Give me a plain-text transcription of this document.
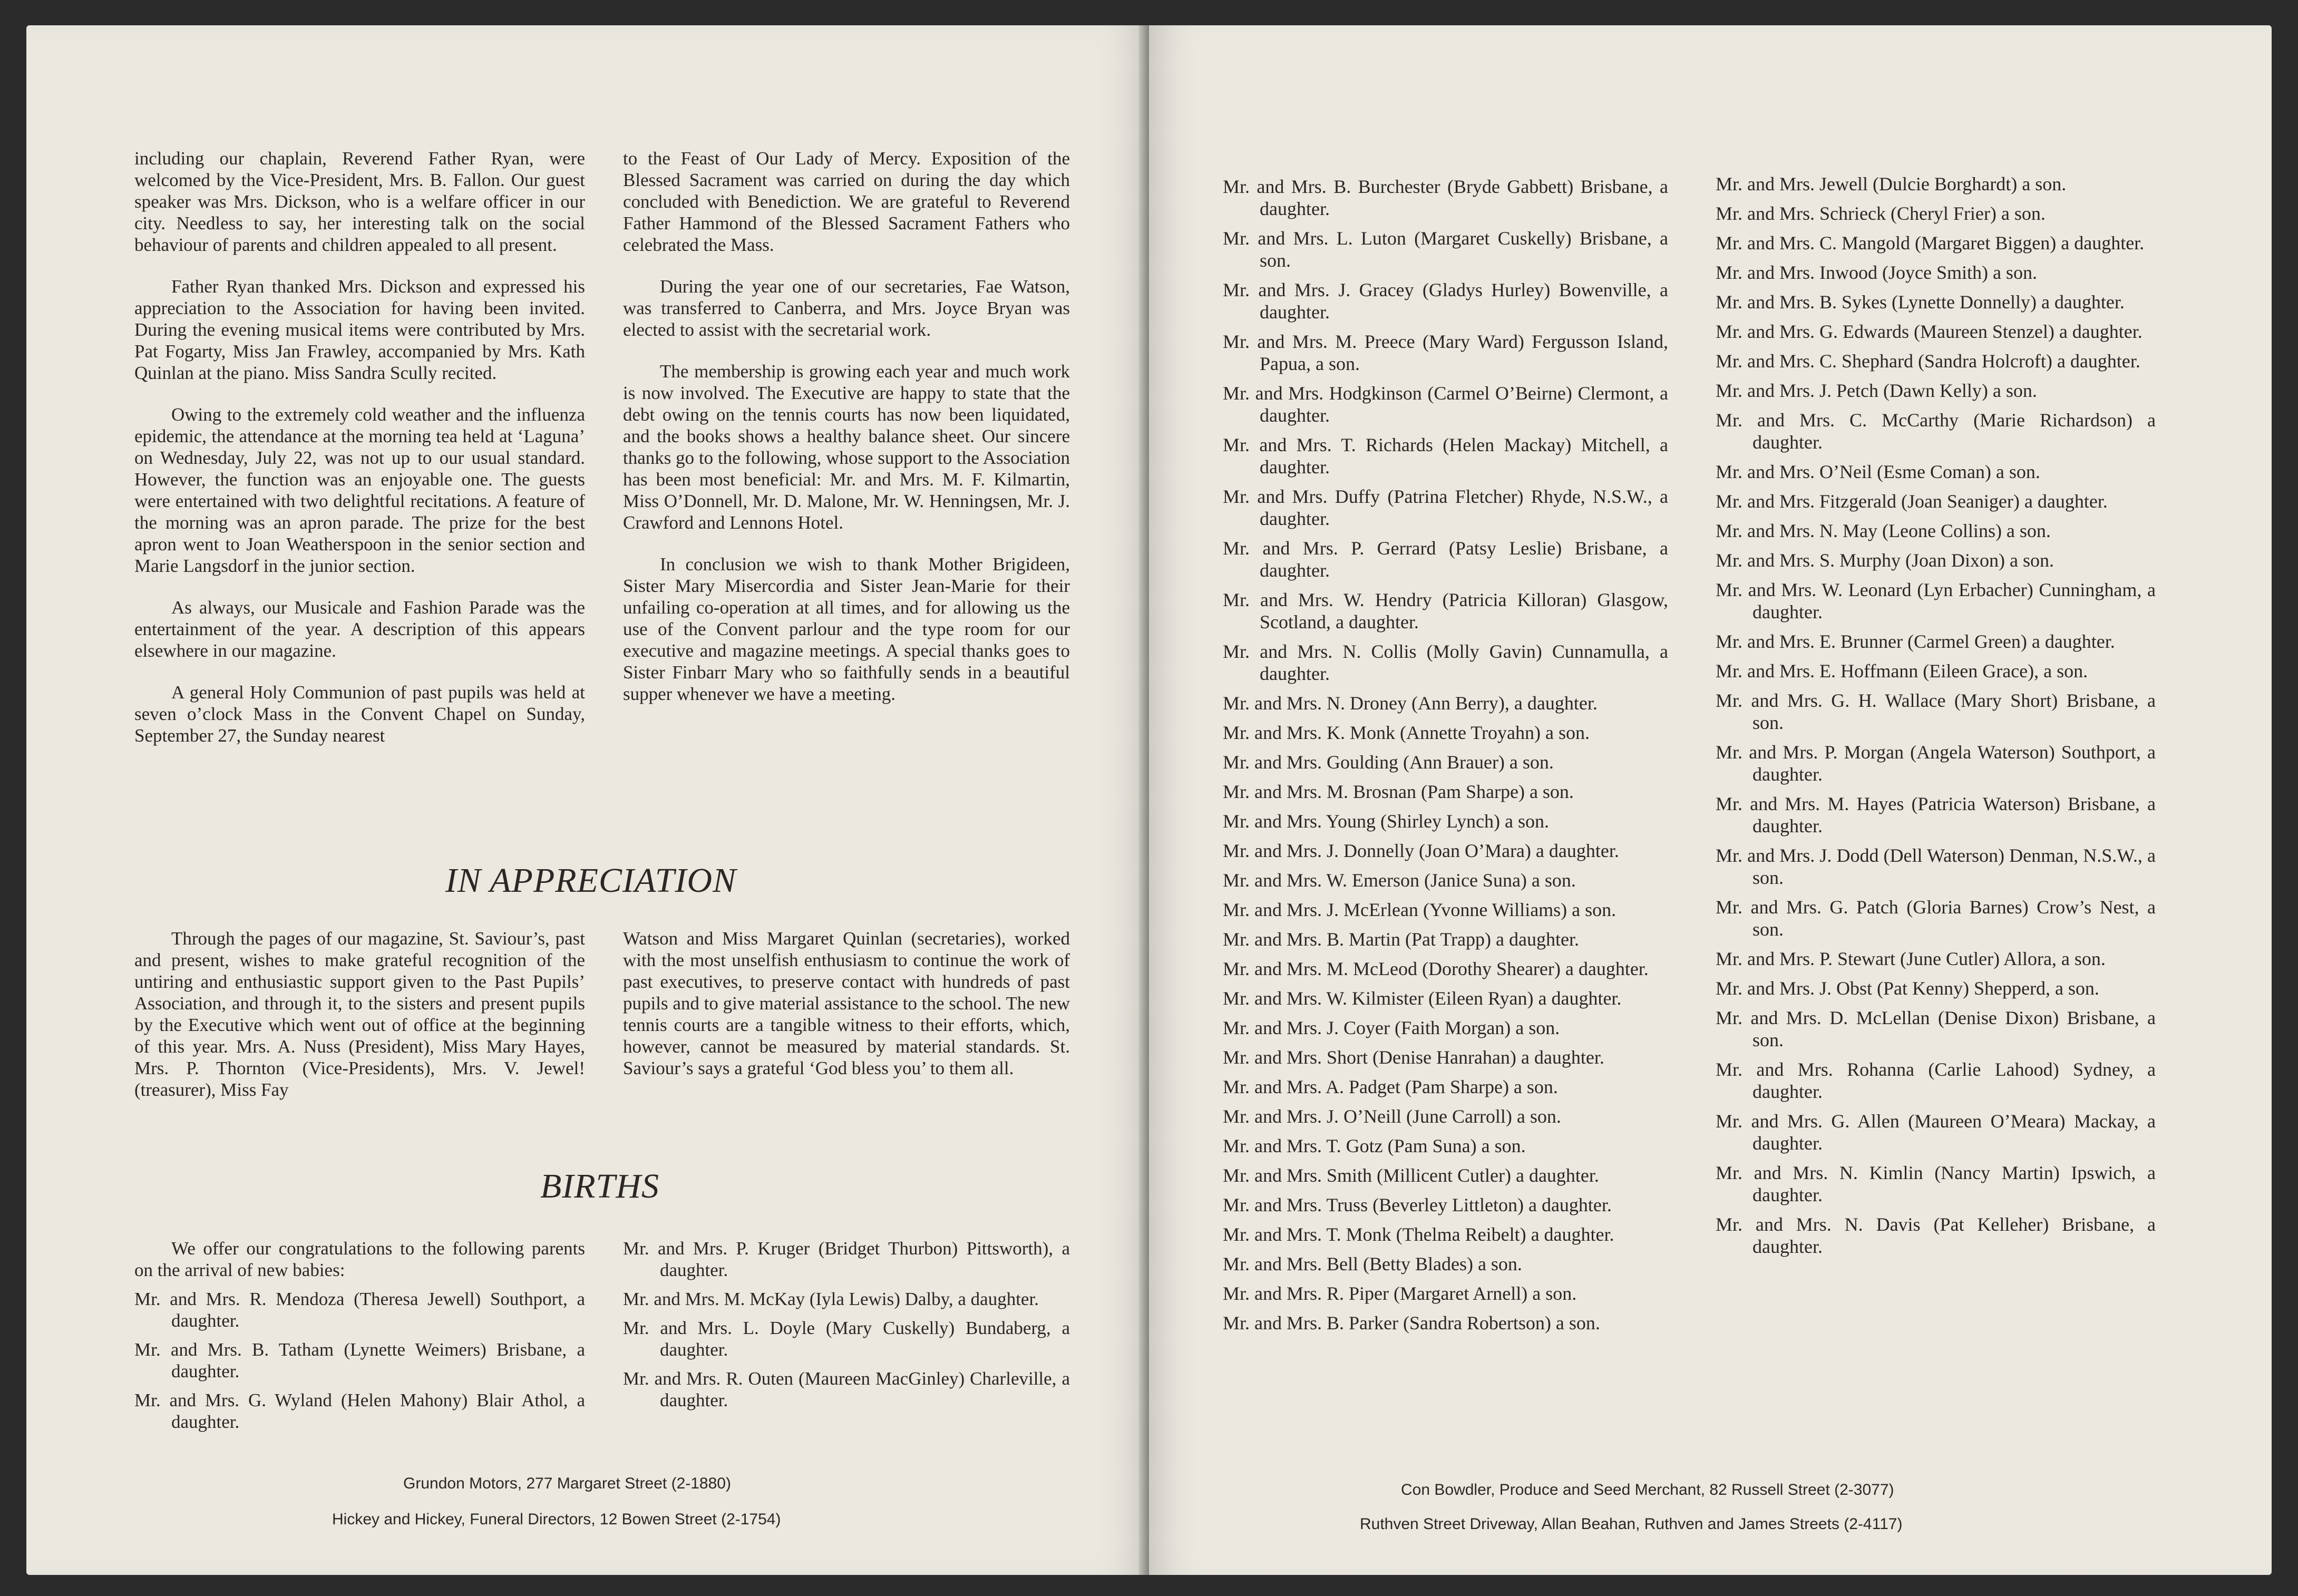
including our chaplain, Reverend Father Ryan, were welcomed by the Vice-President, Mrs. B. Fallon. Our guest speaker was Mrs. Dickson, who is a welfare officer in our city. Needless to say, her interesting talk on the social behaviour of parents and children appealed to all present.

Father Ryan thanked Mrs. Dickson and expressed his appreciation to the Association for having been invited. During the evening musical items were contributed by Mrs. Pat Fogarty, Miss Jan Frawley, accompanied by Mrs. Kath Quinlan at the piano. Miss Sandra Scully recited.

Owing to the extremely cold weather and the influenza epidemic, the attendance at the morning tea held at ‘Laguna’ on Wednesday, July 22, was not up to our usual standard. However, the function was an enjoyable one. The guests were entertained with two delightful recitations. A feature of the morning was an apron parade. The prize for the best apron went to Joan Weatherspoon in the senior section and Marie Langsdorf in the junior section.

As always, our Musicale and Fashion Parade was the entertainment of the year. A description of this appears elsewhere in our magazine.

A general Holy Communion of past pupils was held at seven o’clock Mass in the Convent Chapel on Sunday, September 27, the Sunday nearest

to the Feast of Our Lady of Mercy. Exposition of the Blessed Sacrament was carried on during the day which concluded with Benediction. We are grateful to Reverend Father Hammond of the Blessed Sacrament Fathers who celebrated the Mass.

During the year one of our secretaries, Fae Watson, was transferred to Canberra, and Mrs. Joyce Bryan was elected to assist with the secretarial work.

The membership is growing each year and much work is now involved. The Executive are happy to state that the debt owing on the tennis courts has now been liquidated, and the books shows a healthy balance sheet. Our sincere thanks go to the following, whose support to the Association has been most beneficial: Mr. and Mrs. M. F. Kilmartin, Miss O’Donnell, Mr. D. Malone, Mr. W. Henningsen, Mr. J. Crawford and Lennons Hotel.

In conclusion we wish to thank Mother Brigideen, Sister Mary Misercordia and Sister Jean-Marie for their unfailing co-operation at all times, and for allowing us the use of the Convent parlour and the type room for our executive and magazine meetings. A special thanks goes to Sister Finbarr Mary who so faithfully sends in a beautiful supper whenever we have a meeting.

IN APPRECIATION

Through the pages of our magazine, St. Saviour’s, past and present, wishes to make grateful recognition of the untiring and enthusiastic support given to the Past Pupils’ Association, and through it, to the sisters and present pupils by the Executive which went out of office at the beginning of this year. Mrs. A. Nuss (President), Miss Mary Hayes, Mrs. P. Thornton (Vice-Presidents), Mrs. V. Jewel! (treasurer), Miss Fay

Watson and Miss Margaret Quinlan (secretaries), worked with the most unselfish enthusiasm to continue the work of past executives, to preserve contact with hundreds of past pupils and to give material assistance to the school. The new tennis courts are a tangible witness to their efforts, which, however, cannot be measured by material standards. St. Saviour’s says a grateful ‘God bless you’ to them all.

BIRTHS

We offer our congratulations to the following parents on the arrival of new babies:

Mr. and Mrs. R. Mendoza (Theresa Jewell) Southport, a daughter.
Mr. and Mrs. B. Tatham (Lynette Weimers) Brisbane, a daughter.
Mr. and Mrs. G. Wyland (Helen Mahony) Blair Athol, a daughter.
Mr. and Mrs. P. Kruger (Bridget Thurbon) Pittsworth), a daughter.
Mr. and Mrs. M. McKay (Iyla Lewis) Dalby, a daughter.
Mr. and Mrs. L. Doyle (Mary Cuskelly) Bundaberg, a daughter.
Mr. and Mrs. R. Outen (Maureen MacGinley) Charleville, a daughter.
Grundon Motors, 277 Margaret Street (2-1880)
Hickey and Hickey, Funeral Directors, 12 Bowen Street (2-1754)
Mr. and Mrs. B. Burchester (Bryde Gabbett) Brisbane, a daughter.
Mr. and Mrs. L. Luton (Margaret Cuskelly) Brisbane, a son.
Mr. and Mrs. J. Gracey (Gladys Hurley) Bowenville, a daughter.
Mr. and Mrs. M. Preece (Mary Ward) Fergusson Island, Papua, a son.
Mr. and Mrs. Hodgkinson (Carmel O’Beirne) Clermont, a daughter.
Mr. and Mrs. T. Richards (Helen Mackay) Mitchell, a daughter.
Mr. and Mrs. Duffy (Patrina Fletcher) Rhyde, N.S.W., a daughter.
Mr. and Mrs. P. Gerrard (Patsy Leslie) Brisbane, a daughter.
Mr. and Mrs. W. Hendry (Patricia Killoran) Glasgow, Scotland, a daughter.
Mr. and Mrs. N. Collis (Molly Gavin) Cunnamulla, a daughter.
Mr. and Mrs. N. Droney (Ann Berry), a daughter.
Mr. and Mrs. K. Monk (Annette Troyahn) a son.
Mr. and Mrs. Goulding (Ann Brauer) a son.
Mr. and Mrs. M. Brosnan (Pam Sharpe) a son.
Mr. and Mrs. Young (Shirley Lynch) a son.
Mr. and Mrs. J. Donnelly (Joan O’Mara) a daughter.
Mr. and Mrs. W. Emerson (Janice Suna) a son.
Mr. and Mrs. J. McErlean (Yvonne Williams) a son.
Mr. and Mrs. B. Martin (Pat Trapp) a daughter.
Mr. and Mrs. M. McLeod (Dorothy Shearer) a daughter.
Mr. and Mrs. W. Kilmister (Eileen Ryan) a daughter.
Mr. and Mrs. J. Coyer (Faith Morgan) a son.
Mr. and Mrs. Short (Denise Hanrahan) a daughter.
Mr. and Mrs. A. Padget (Pam Sharpe) a son.
Mr. and Mrs. J. O’Neill (June Carroll) a son.
Mr. and Mrs. T. Gotz (Pam Suna) a son.
Mr. and Mrs. Smith (Millicent Cutler) a daughter.
Mr. and Mrs. Truss (Beverley Littleton) a daughter.
Mr. and Mrs. T. Monk (Thelma Reibelt) a daughter.
Mr. and Mrs. Bell (Betty Blades) a son.
Mr. and Mrs. R. Piper (Margaret Arnell) a son.
Mr. and Mrs. B. Parker (Sandra Robertson) a son.
Mr. and Mrs. Jewell (Dulcie Borghardt) a son.
Mr. and Mrs. Schrieck (Cheryl Frier) a son.
Mr. and Mrs. C. Mangold (Margaret Biggen) a daughter.
Mr. and Mrs. Inwood (Joyce Smith) a son.
Mr. and Mrs. B. Sykes (Lynette Donnelly) a daughter.
Mr. and Mrs. G. Edwards (Maureen Stenzel) a daughter.
Mr. and Mrs. C. Shephard (Sandra Holcroft) a daughter.
Mr. and Mrs. J. Petch (Dawn Kelly) a son.
Mr. and Mrs. C. McCarthy (Marie Richardson) a daughter.
Mr. and Mrs. O’Neil (Esme Coman) a son.
Mr. and Mrs. Fitzgerald (Joan Seaniger) a daughter.
Mr. and Mrs. N. May (Leone Collins) a son.
Mr. and Mrs. S. Murphy (Joan Dixon) a son.
Mr. and Mrs. W. Leonard (Lyn Erbacher) Cunningham, a daughter.
Mr. and Mrs. E. Brunner (Carmel Green) a daughter.
Mr. and Mrs. E. Hoffmann (Eileen Grace), a son.
Mr. and Mrs. G. H. Wallace (Mary Short) Brisbane, a son.
Mr. and Mrs. P. Morgan (Angela Waterson) Southport, a daughter.
Mr. and Mrs. M. Hayes (Patricia Waterson) Brisbane, a daughter.
Mr. and Mrs. J. Dodd (Dell Waterson) Denman, N.S.W., a son.
Mr. and Mrs. G. Patch (Gloria Barnes) Crow’s Nest, a son.
Mr. and Mrs. P. Stewart (June Cutler) Allora, a son.
Mr. and Mrs. J. Obst (Pat Kenny) Shepperd, a son.
Mr. and Mrs. D. McLellan (Denise Dixon) Brisbane, a son.
Mr. and Mrs. Rohanna (Carlie Lahood) Sydney, a daughter.
Mr. and Mrs. G. Allen (Maureen O’Meara) Mackay, a daughter.
Mr. and Mrs. N. Kimlin (Nancy Martin) Ipswich, a daughter.
Mr. and Mrs. N. Davis (Pat Kelleher) Brisbane, a daughter.
Con Bowdler, Produce and Seed Merchant, 82 Russell Street (2-3077)
Ruthven Street Driveway, Allan Beahan, Ruthven and James Streets (2-4117)
